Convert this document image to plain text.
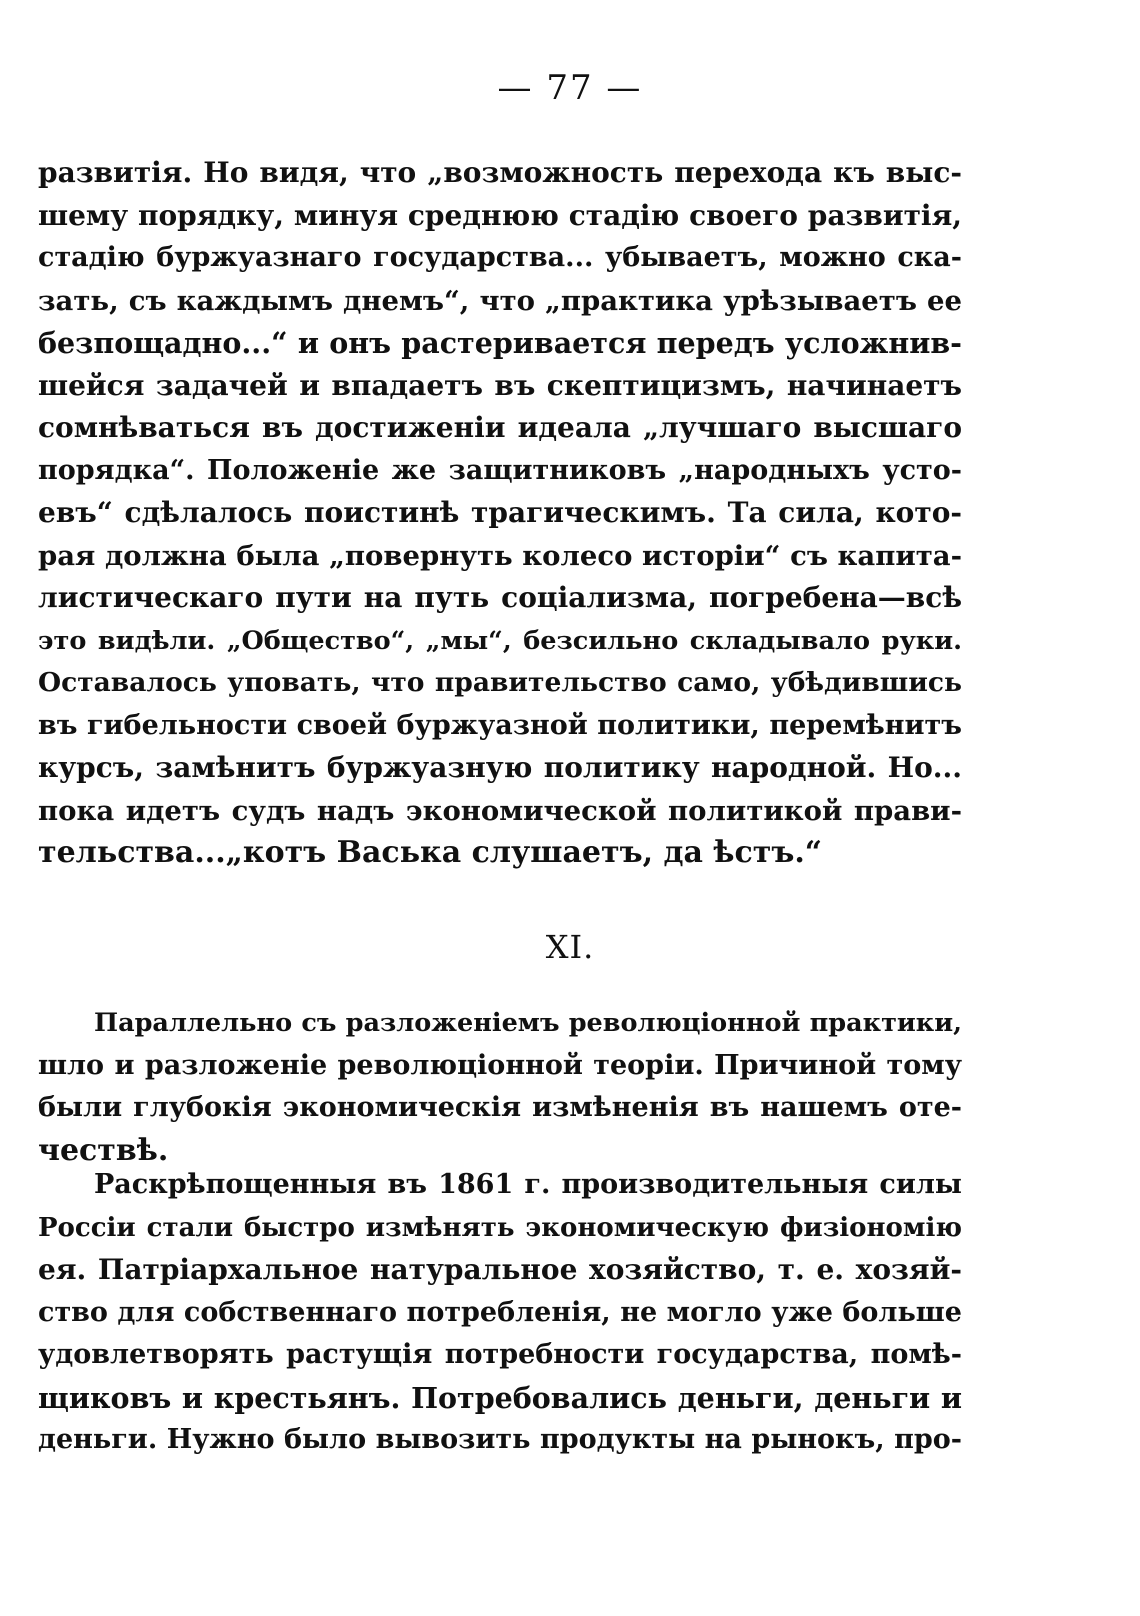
— 77 —
развитія. Но видя, что „возможность перехода къ выс-
шему порядку, минуя среднюю стадію своего развитія,
стадію буржуазнаго государства... убываетъ, можно ска-
зать, съ каждымъ днемъ“, что „практика урѣзываетъ ее
безпощадно...“ и онъ растеривается передъ усложнив-
шейся задачей и впадаетъ въ скептицизмъ, начинаетъ
сомнѣваться въ достиженіи идеала „лучшаго высшаго
порядка“. Положеніе же защитниковъ „народныхъ усто-
евъ“ сдѣлалось поистинѣ трагическимъ. Та сила, кото-
рая должна была „повернуть колесо исторіи“ съ капита-
листическаго пути на путь соціализма, погребена—всѣ
это видѣли. „Общество“, „мы“, безсильно складывало руки.
Оставалось уповать, что правительство само, убѣдившись
въ гибельности своей буржуазной политики, перемѣнитъ
курсъ, замѣнитъ буржуазную политику народной. Но...
пока идетъ судъ надъ экономической политикой прави-
тельства...„котъ Васька слушаетъ, да ѣстъ.“
XI.
Параллельно съ разложеніемъ революціонной практики,
шло и разложеніе революціонной теоріи. Причиной тому
были глубокія экономическія измѣненія въ нашемъ оте-
чествѣ.
Раскрѣпощенныя въ 1861 г. производительныя силы
Россіи стали быстро измѣнять экономическую физіономію
ея. Патріархальное натуральное хозяйство, т. е. хозяй-
ство для собственнаго потребленія, не могло уже больше
удовлетворять растущія потребности государства, помѣ-
щиковъ и крестьянъ. Потребовались деньги, деньги и
деньги. Нужно было вывозить продукты на рынокъ, про-
